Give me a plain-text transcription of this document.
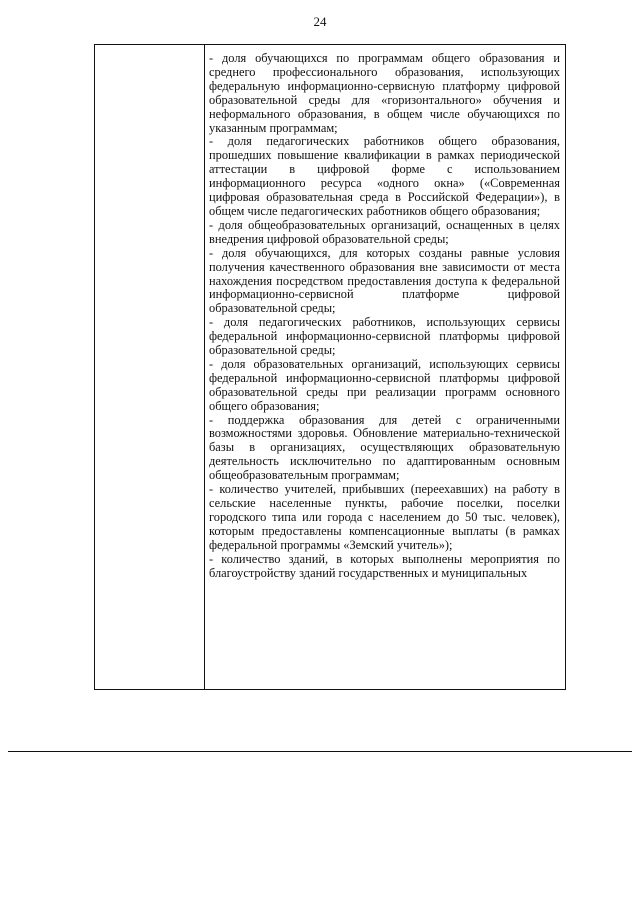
24

- доля обучающихся по программам общего образования и среднего профессионального образования, использующих федеральную информационно-сервисную платформу цифровой образовательной среды для «горизонтального» обучения и неформального образования, в общем числе обучающихся по указанным программам;

- доля педагогических работников общего образования, прошедших повышение квалификации в рамках периодической аттестации в цифровой форме с использованием информационного ресурса «одного окна» («Современная цифровая образовательная среда в Российской Федерации»), в общем числе педагогических работников общего образования;

- доля общеобразовательных организаций, оснащенных в целях внедрения цифровой образовательной среды;

- доля обучающихся, для которых созданы равные условия получения качественного образования вне зависимости от места нахождения посредством предоставления доступа к федеральной информационно-сервисной платформе цифровой образовательной среды;

- доля педагогических работников, использующих сервисы федеральной информационно-сервисной платформы цифровой образовательной среды;

- доля образовательных организаций, использующих сервисы федеральной информационно-сервисной платформы цифровой образовательной среды при реализации программ основного общего образования;

- поддержка образования для детей с ограниченными возможностями здоровья. Обновление материально-технической базы в организациях, осуществляющих образовательную деятельность исключительно по адаптированным основным общеобразовательным программам;

- количество учителей, прибывших (переехавших) на работу в сельские населенные пункты, рабочие поселки, поселки городского типа или города с населением до 50 тыс. человек), которым предоставлены компенсационные выплаты (в рамках федеральной программы «Земский учитель»);

- количество зданий, в которых выполнены мероприятия по благоустройству зданий государственных и муниципальных
